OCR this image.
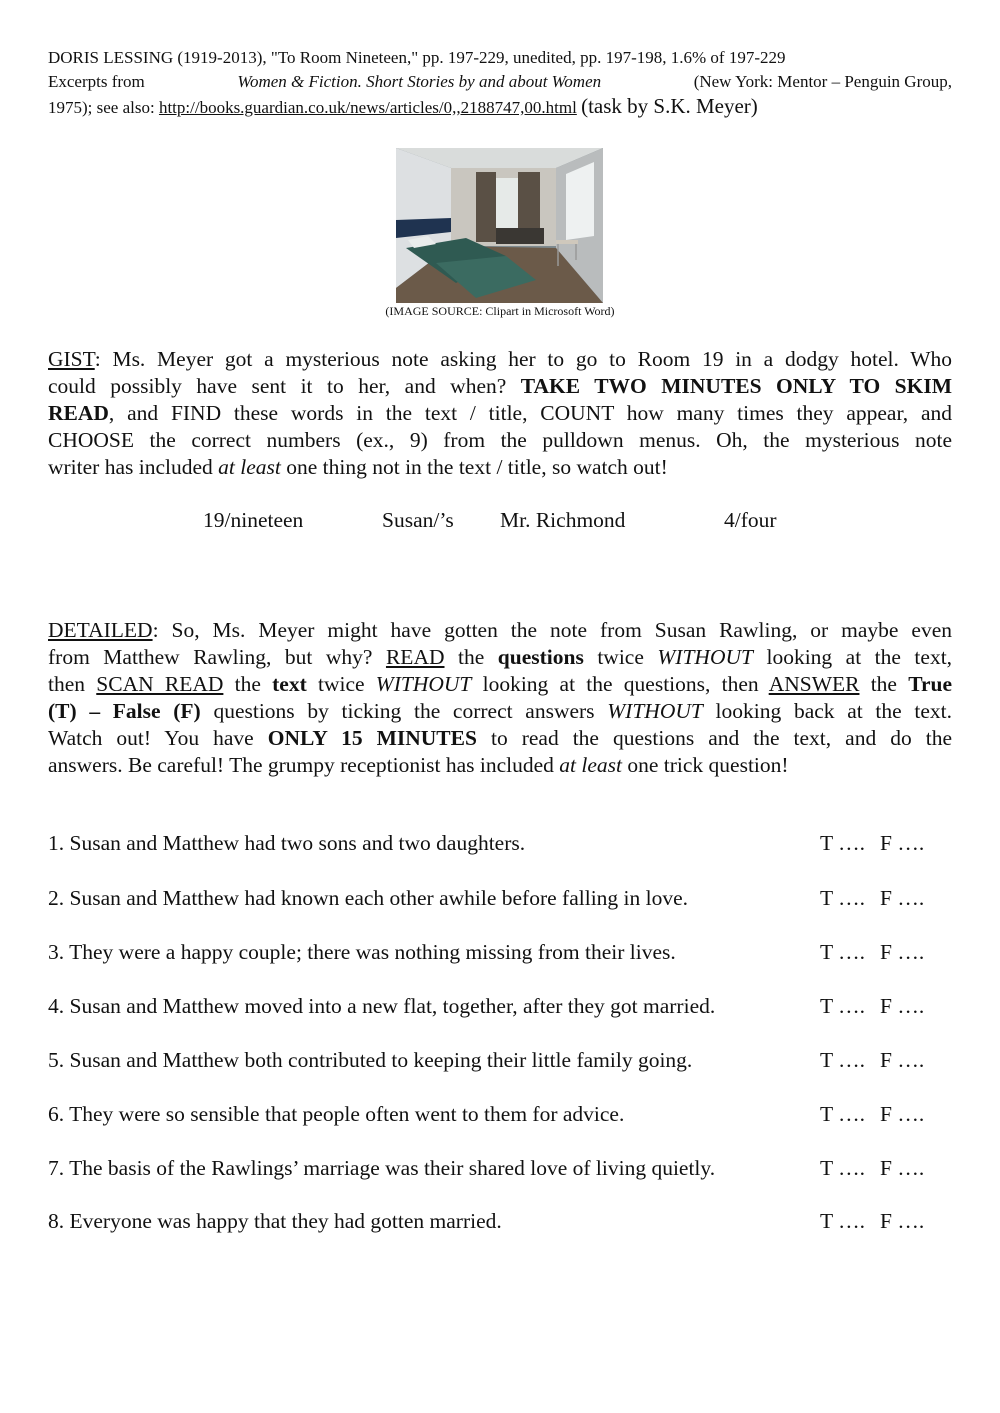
DORIS LESSING (1919-2013), "To Room Nineteen," pp. 197-229, unedited, pp. 197-198, 1.6% of 197-229
Excerpts from	Women & Fiction. Short Stories by and about Women	(New York: Mentor – Penguin Group,
1975); see also: http://books.guardian.co.uk/news/articles/0,,2188747,00.html (task by S.K. Meyer)
(IMAGE SOURCE: Clipart in Microsoft Word)
GIST: Ms. Meyer got a mysterious note asking her to go to Room 19 in a dodgy hotel. Who
could possibly have sent it to her, and when? TAKE TWO MINUTES ONLY TO SKIM
READ, and FIND these words in the text / title, COUNT how many times they appear, and
CHOOSE the correct numbers (ex., 9) from the pulldown menus. Oh, the mysterious note
writer has included at least one thing not in the text / title, so watch out!
19/nineteen	Susan/’s Mr. Richmond	4/four
DETAILED: So, Ms. Meyer might have gotten the note from Susan Rawling, or maybe even
from Matthew Rawling, but why? READ the questions twice WITHOUT looking at the text,
then SCAN READ the text twice WITHOUT looking at the questions, then ANSWER the True
(T) – False (F) questions by ticking the correct answers WITHOUT looking back at the text.
Watch out! You have ONLY 15 MINUTES to read the questions and the text, and do the
answers. Be careful! The grumpy receptionist has included at least one trick question!
1. Susan and Matthew had two sons and two daughters.	T …. F ….
2. Susan and Matthew had known each other awhile before falling in love.	T …. F ….
3. They were a happy couple; there was nothing missing from their lives.	T …. F ….
4. Susan and Matthew moved into a new flat, together, after they got married.	T …. F ….
5. Susan and Matthew both contributed to keeping their little family going.	T …. F ….
6. They were so sensible that people often went to them for advice.	T …. F ….
7. The basis of the Rawlings’ marriage was their shared love of living quietly.	T …. F ….
8. Everyone was happy that they had gotten married.	T …. F ….
